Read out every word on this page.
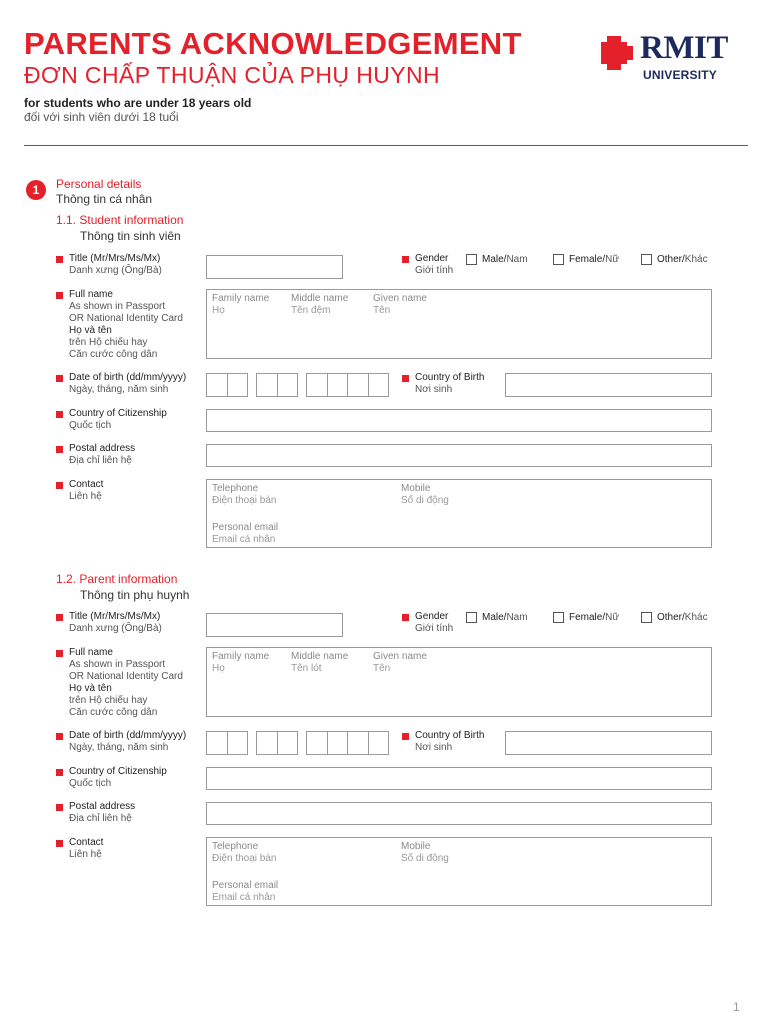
PARENTS ACKNOWLEDGEMENT
ĐƠN CHẤP THUẬN CỦA PHỤ HUYNH
for students who are under 18 years old
đối với sinh viên dưới 18 tuổi
RMIT
UNIVERSITY
1	Personal details
Thông tin cá nhân
1.1. Student information
Thông tin sinh viên
Title (Mr/Mrs/Ms/Mx)
Danh xưng (Ông/Bà)
Gender
Giới tính
Male/Nam	Female/Nữ	Other/Khác
Full name
As shown in Passport
OR National Identity Card
Họ và tên
trên Hộ chiếu hay
Căn cước công dân
Family name
Họ
Middle name
Tên đệm
Given name
Tên
Date of birth (dd/mm/yyyy)
Ngày, tháng, năm sinh
Country of Birth
Nơi sinh
Country of Citizenship
Quốc tịch
Postal address
Địa chỉ liên hệ
Contact
Liên hệ
Telephone
Điện thoại bàn
Mobile
Số di động
Personal email
Email cá nhân
1.2. Parent information
Thông tin phụ huynh
Title (Mr/Mrs/Ms/Mx)
Danh xưng (Ông/Bà)
Gender
Giới tính
Male/Nam	Female/Nữ	Other/Khác
Full name
As shown in Passport
OR National Identity Card
Họ và tên
trên Hộ chiếu hay
Căn cước công dân
Family name
Họ
Middle name
Tên lót
Given name
Tên
Date of birth (dd/mm/yyyy)
Ngày, tháng, năm sinh
Country of Birth
Nơi sinh
Country of Citizenship
Quốc tịch
Postal address
Địa chỉ liên hệ
Contact
Liên hệ
Telephone
Điện thoại bàn
Mobile
Số di động
Personal email
Email cá nhân
1
